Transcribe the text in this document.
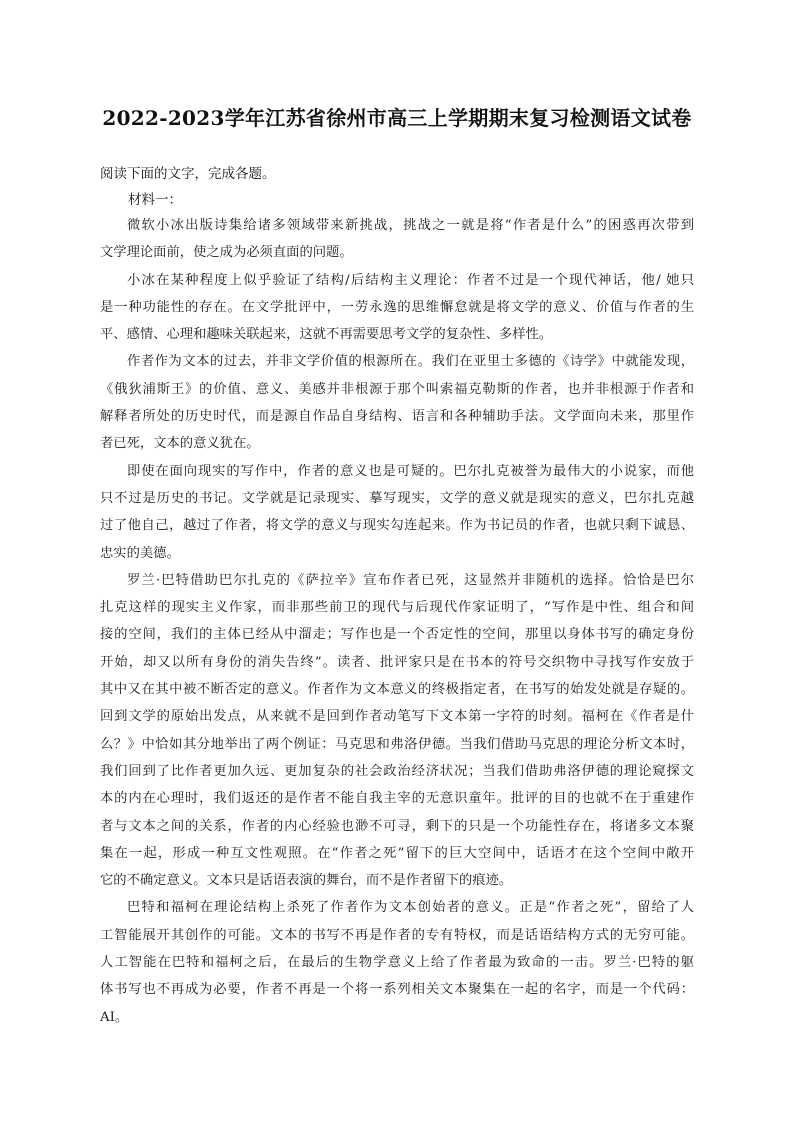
2022-2023学年江苏省徐州市高三上学期期末复习检测语文试卷
阅读下面的文字，完成各题。
材料一：
微软小冰出版诗集给诸多领域带来新挑战，挑战之一就是将“作者是什么”的困惑再次带到
文学理论面前，使之成为必须直面的问题。
小冰在某种程度上似乎验证了结构/后结构主义理论：作者不过是一个现代神话，他/ 她只
是一种功能性的存在。在文学批评中，一劳永逸的思维懈怠就是将文学的意义、价值与作者的生
平、感情、心理和趣味关联起来，这就不再需要思考文学的复杂性、多样性。
作者作为文本的过去，并非文学价值的根源所在。我们在亚里士多德的《诗学》中就能发现，
《俄狄浦斯王》的价值、意义、美感并非根源于那个叫索福克勒斯的作者，也并非根源于作者和
解释者所处的历史时代，而是源自作品自身结构、语言和各种辅助手法。文学面向未来，那里作
者已死，文本的意义犹在。
即使在面向现实的写作中，作者的意义也是可疑的。巴尔扎克被誉为最伟大的小说家，而他
只不过是历史的书记。文学就是记录现实、摹写现实，文学的意义就是现实的意义，巴尔扎克越
过了他自己，越过了作者，将文学的意义与现实勾连起来。作为书记员的作者，也就只剩下诚恳、
忠实的美德。
罗兰·巴特借助巴尔扎克的《萨拉辛》宣布作者已死，这显然并非随机的选择。恰恰是巴尔
扎克这样的现实主义作家，而非那些前卫的现代与后现代作家证明了，“写作是中性、组合和间
接的空间，我们的主体已经从中溜走；写作也是一个否定性的空间，那里以身体书写的确定身份
开始，却又以所有身份的消失告终”。读者、批评家只是在书本的符号交织物中寻找写作安放于
其中又在其中被不断否定的意义。作者作为文本意义的终极指定者，在书写的始发处就是存疑的。
回到文学的原始出发点，从来就不是回到作者动笔写下文本第一字符的时刻。福柯在《作者是什
么？》中恰如其分地举出了两个例证：马克思和弗洛伊德。当我们借助马克思的理论分析文本时，
我们回到了比作者更加久远、更加复杂的社会政治经济状况；当我们借助弗洛伊德的理论窥探文
本的内在心理时，我们返还的是作者不能自我主宰的无意识童年。批评的目的也就不在于重建作
者与文本之间的关系，作者的内心经验也渺不可寻，剩下的只是一个功能性存在，将诸多文本聚
集在一起，形成一种互文性观照。在“作者之死”留下的巨大空间中，话语才在这个空间中敞开
它的不确定意义。文本只是话语表演的舞台，而不是作者留下的痕迹。
巴特和福柯在理论结构上杀死了作者作为文本创始者的意义。正是“作者之死”，留给了人
工智能展开其创作的可能。文本的书写不再是作者的专有特权，而是话语结构方式的无穷可能。
人工智能在巴特和福柯之后，在最后的生物学意义上给了作者最为致命的一击。罗兰·巴特的躯
体书写也不再成为必要，作者不再是一个将一系列相关文本聚集在一起的名字，而是一个代码：
AI。
